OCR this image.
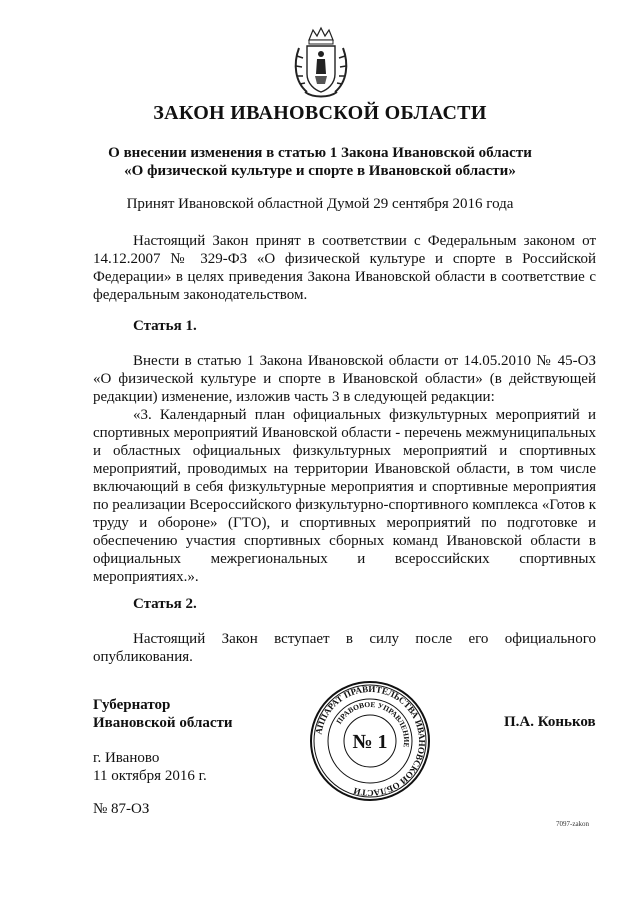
ЗАКОН ИВАНОВСКОЙ ОБЛАСТИ
О внесении изменения в статью 1 Закона Ивановской области
«О физической культуре и спорте в Ивановской области»
Принят Ивановской областной Думой 29 сентября 2016 года

Настоящий Закон принят в соответствии с Федеральным законом от 14.12.2007 № 329-ФЗ «О физической культуре и спорте в Российской Федерации» в целях приведения Закона Ивановской области в соответствие с федеральным законодательством.

Статья 1.

Внести в статью 1 Закона Ивановской области от 14.05.2010 № 45-ОЗ «О физической культуре и спорте в Ивановской области» (в действующей редакции) изменение, изложив часть 3 в следующей редакции:

«3. Календарный план официальных физкультурных мероприятий и спортивных мероприятий Ивановской области - перечень межмуниципальных и областных официальных физкультурных мероприятий и спортивных мероприятий, проводимых на территории Ивановской области, в том числе включающий в себя физкультурные мероприятия и спортивные мероприятия по реализации Всероссийского физкультурно-спортивного комплекса «Готов к труду и обороне» (ГТО), и спортивных мероприятий по подготовке и обеспечению участия спортивных сборных команд Ивановской области в официальных межрегиональных и всероссийских спортивных мероприятиях.».

Статья 2.

Настоящий Закон вступает в силу после его официального опубликования.

Губернатор
Ивановской области	П.А. Коньков
АППАРАТ ПРАВИТЕЛЬСТВА ИВАНОВСКОЙ ОБЛАСТИ
ПРАВОВОЕ УПРАВЛЕНИЕ
№ 1
г. Иваново
11 октября 2016 г.
№ 87-ОЗ
7097-zakon
